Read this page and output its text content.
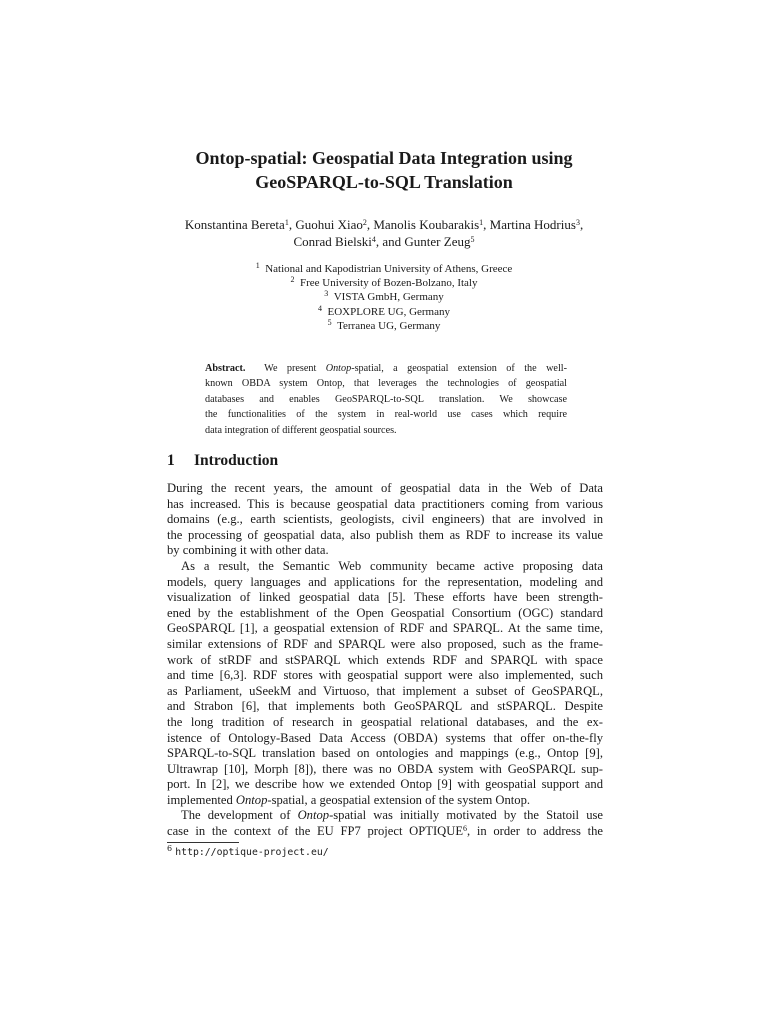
Ontop-spatial: Geospatial Data Integration using
GeoSPARQL-to-SQL Translation
Konstantina Bereta$^1$, Guohui Xiao$^2$, Manolis Koubarakis$^1$, Martina Hodrius$^3$,
Conrad Bielski$^4$, and Gunter Zeug$^5$
$^1$ National and Kapodistrian University of Athens, Greece
$^2$ Free University of Bozen-Bolzano, Italy
$^3$ VISTA GmbH, Germany
$^4$ EOXPLORE UG, Germany
$^5$ Terranea UG, Germany
Abstract. We present Ontop-spatial, a geospatial extension of the well-
known OBDA system Ontop, that leverages the technologies of geospatial
databases and enables GeoSPARQL-to-SQL translation. We showcase
the functionalities of the system in real-world use cases which require
data integration of different geospatial sources.
1 Introduction
During the recent years, the amount of geospatial data in the Web of Data
has increased. This is because geospatial data practitioners coming from various
domains (e.g., earth scientists, geologists, civil engineers) that are involved in
the processing of geospatial data, also publish them as RDF to increase its value
by combining it with other data.
As a result, the Semantic Web community became active proposing data
models, query languages and applications for the representation, modeling and
visualization of linked geospatial data [5]. These efforts have been strength-
ened by the establishment of the Open Geospatial Consortium (OGC) standard
GeoSPARQL [1], a geospatial extension of RDF and SPARQL. At the same time,
similar extensions of RDF and SPARQL were also proposed, such as the frame-
work of stRDF and stSPARQL which extends RDF and SPARQL with space
and time [6,3]. RDF stores with geospatial support were also implemented, such
as Parliament, uSeekM and Virtuoso, that implement a subset of GeoSPARQL,
and Strabon [6], that implements both GeoSPARQL and stSPARQL. Despite
the long tradition of research in geospatial relational databases, and the ex-
istence of Ontology-Based Data Access (OBDA) systems that offer on-the-fly
SPARQL-to-SQL translation based on ontologies and mappings (e.g., Ontop [9],
Ultrawrap [10], Morph [8]), there was no OBDA system with GeoSPARQL sup-
port. In [2], we describe how we extended Ontop [9] with geospatial support and
implemented Ontop-spatial, a geospatial extension of the system Ontop.
The development of Ontop-spatial was initially motivated by the Statoil use
case in the context of the EU FP7 project OPTIQUE$^6$, in order to address the
$^6$ http://optique-project.eu/
